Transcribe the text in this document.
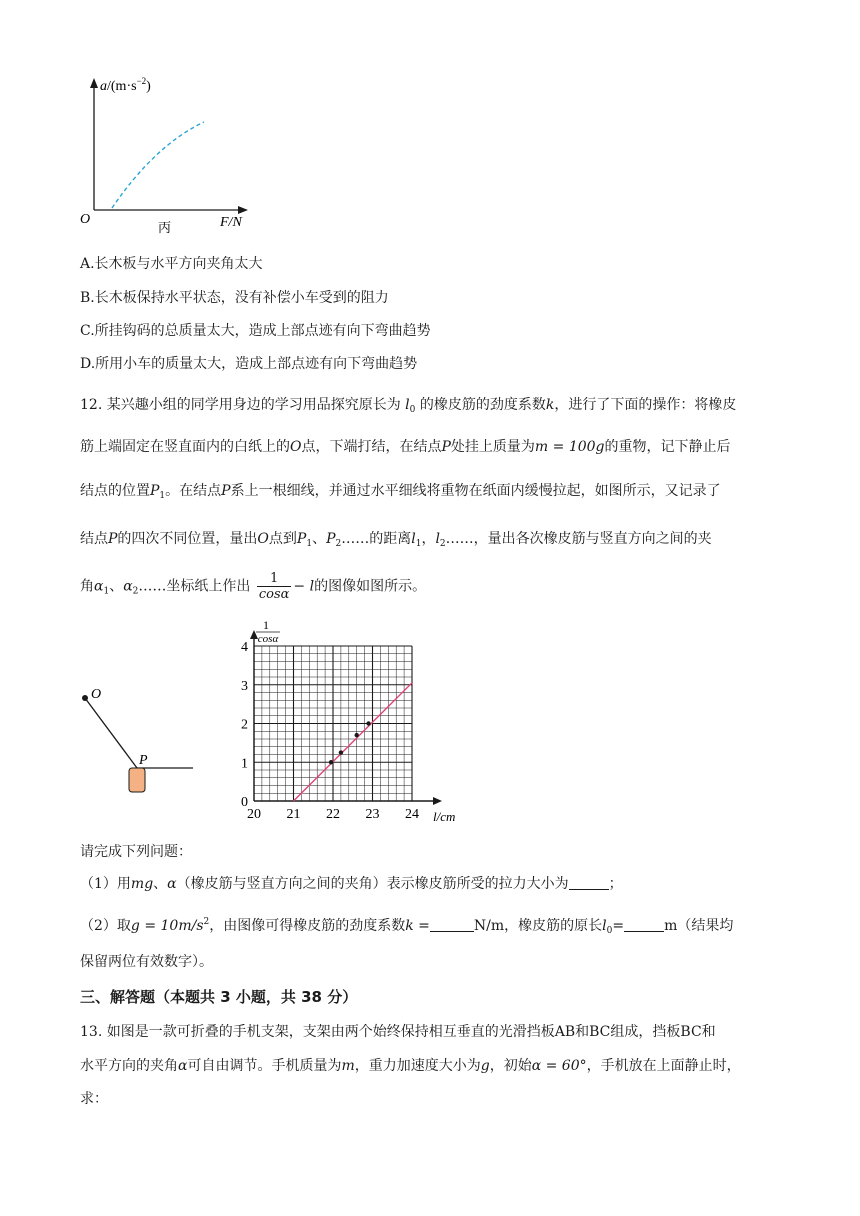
$a/(m\cdot s^{-2})$
O	F/N
丙
A.长木板与水平方向夹角太大
B.长木板保持水平状态，没有补偿小车受到的阻力
C.所挂钩码的总质量太大，造成上部点迹有向下弯曲趋势
D.所用小车的质量太大，造成上部点迹有向下弯曲趋势
12. 某兴趣小组的同学用身边的学习用品探究原长为 $l_0$ 的橡皮筋的劲度系数k，进行了下面的操作：将橡皮
筋上端固定在竖直面内的白纸上的O点，下端打结，在结点P处挂上质量为m = 100g的重物，记下静止后
结点的位置$P_1$。在结点P系上一根细线，并通过水平细线将重物在纸面内缓慢拉起，如图所示，又记录了
结点P的四次不同位置，量出O点到$P_1$、$P_2\dots\dots$的距离$l_1$，$l_2\dots\dots$，量出各次橡皮筋与竖直方向之间的夹
角$\alpha_1$、$\alpha_2\dots\dots$坐标纸上作出 $\frac{1}{\cos\alpha} - l$的图像如图所示。
O
P
20 21 22 23 24
0
1
2
3
4
1
cosα
l/cm
请完成下列问题：
（1）用mg、α（橡皮筋与竖直方向之间的夹角）表示橡皮筋所受的拉力大小为	；
（2）取$g = 10m/s^2$，由图像可得橡皮筋的劲度系数k =	N/m，橡皮筋的原长$l_0=$	m（结果均
保留两位有效数字）。
三、解答题（本题共 3 小题，共 38 分）
13. 如图是一款可折叠的手机支架，支架由两个始终保持相互垂直的光滑挡板AB和BC组成，挡板BC和
水平方向的夹角α可自由调节。手机质量为m，重力加速度大小为g，初始α = 60°，手机放在上面静止时，
求：
